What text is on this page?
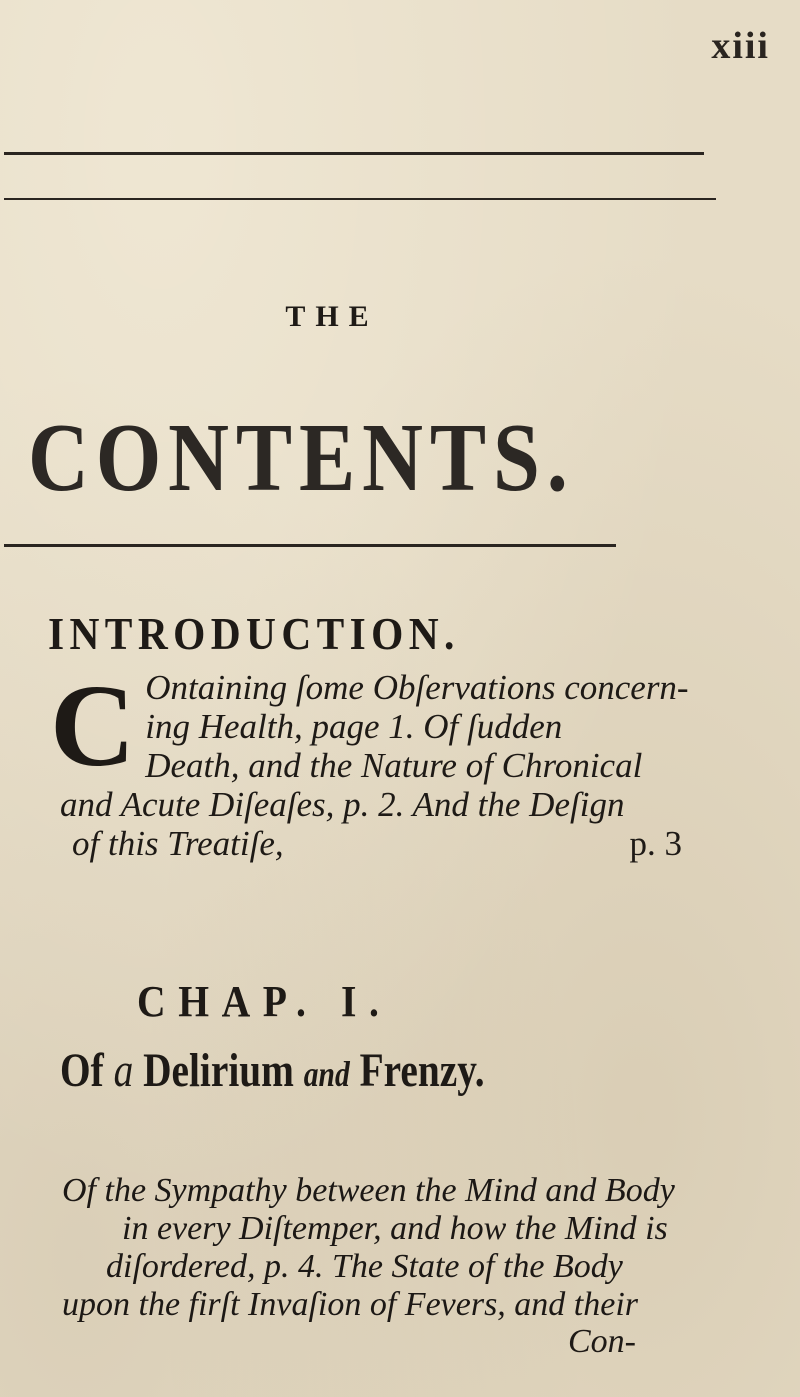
xiii
THE
CONTENTS.
INTRODUCTION.
C Ontaining ſome Obſervations concern-
ing Health, page 1. Of ſudden
Death, and the Nature of Chronical
and Acute Diſeaſes, p. 2. And the Deſign
of this Treatiſe,	p. 3
CHAP. I.
Of a Delirium and Frenzy.
Of the Sympathy between the Mind and Body
in every Diſtemper, and how the Mind is
diſordered, p. 4. The State of the Body
upon the firſt Invaſion of Fevers, and their
Con-
